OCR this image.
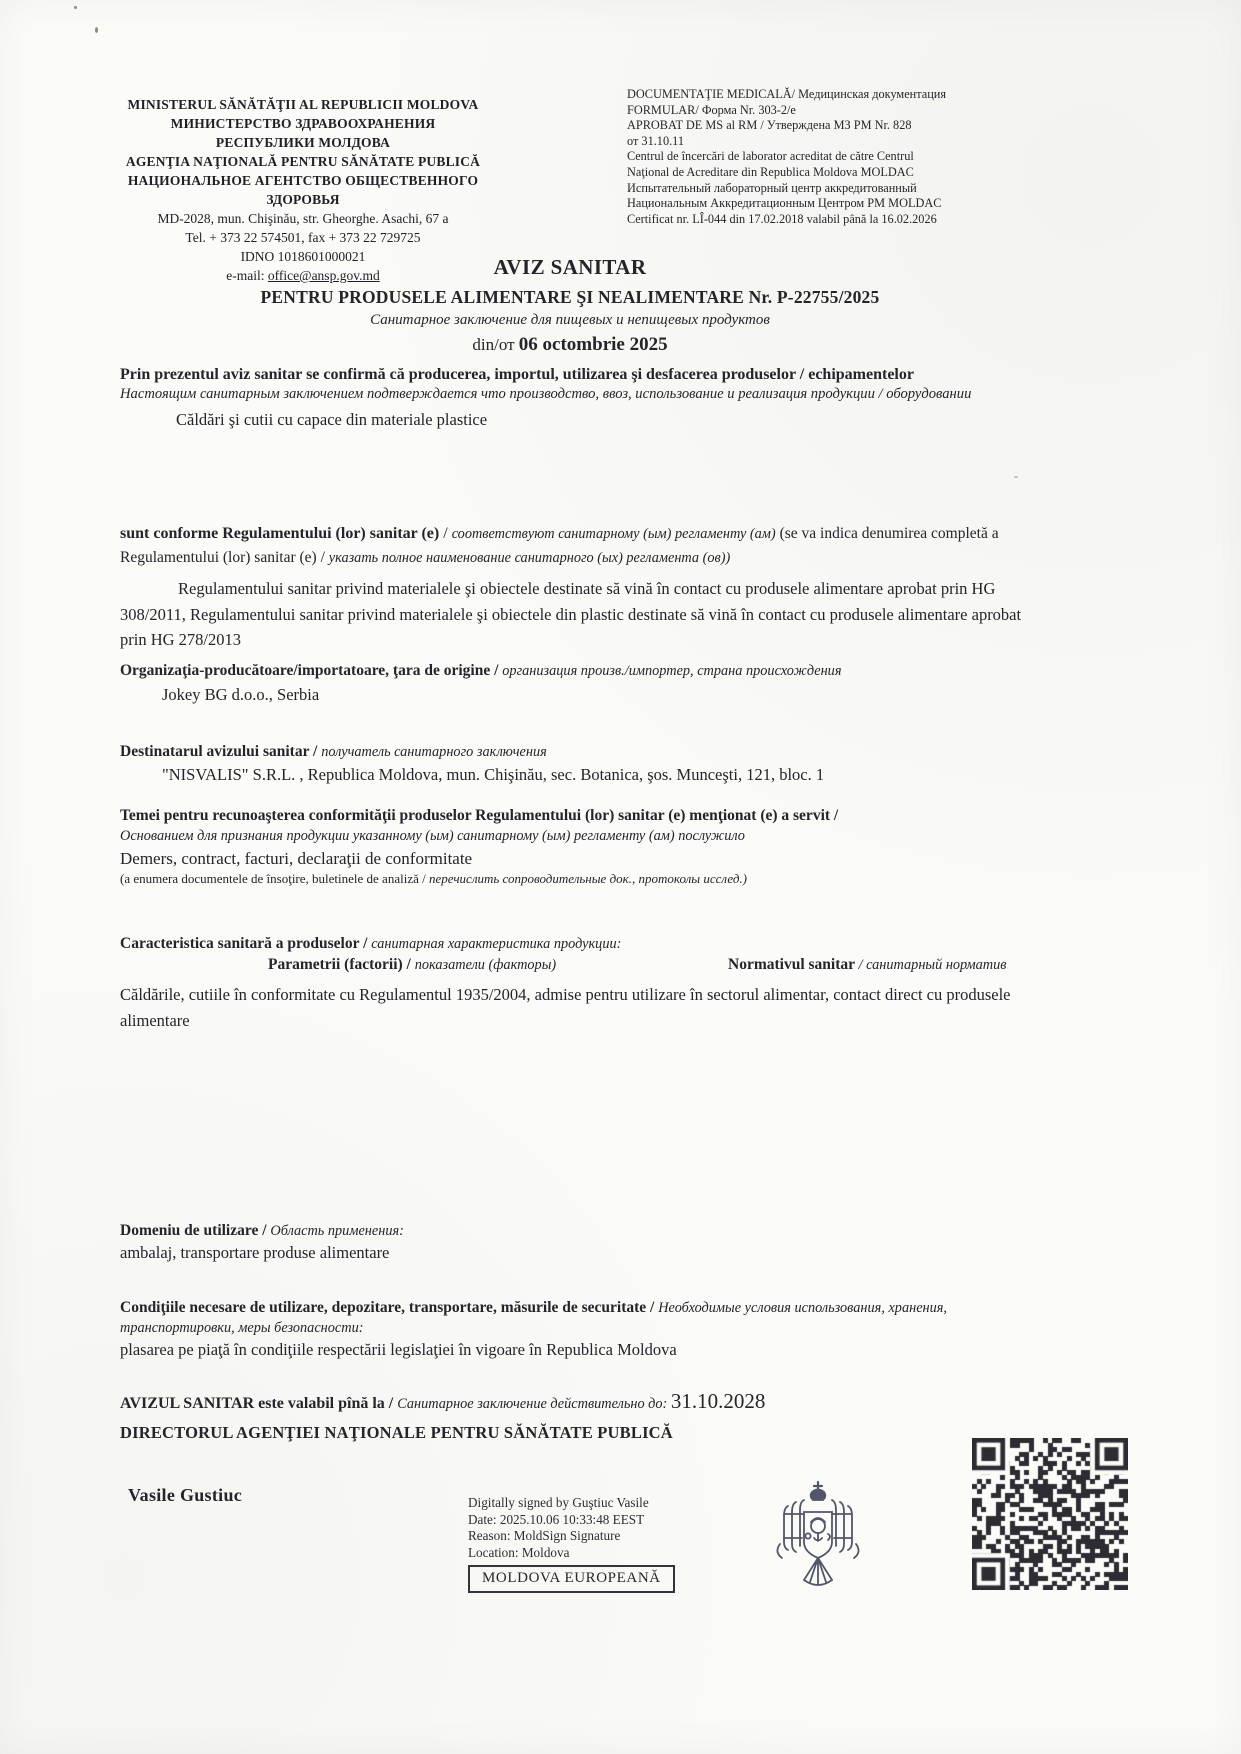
MINISTERUL SĂNĂTĂŢII AL REPUBLICII MOLDOVA
МИНИСТЕРСТВО ЗДРАВООХРАНЕНИЯ
РЕСПУБЛИКИ МОЛДОВА
AGENŢIA NAŢIONALĂ PENTRU SĂNĂTATE PUBLICĂ
НАЦИОНАЛЬНОЕ АГЕНТСТВО ОБЩЕСТВЕННОГО
ЗДОРОВЬЯ
MD-2028, mun. Chişinău, str. Gheorghe. Asachi, 67 a
Tel. + 373 22 574501, fax + 373 22 729725
IDNO 1018601000021
e-mail: office@ansp.gov.md
DOCUMENTAŢIE MEDICALĂ/ Медицинская документация
FORMULAR/ Форма Nr. 303-2/e
APROBAT DE MS al RM / Утверждена МЗ РМ Nr. 828
от 31.10.11
Centrul de încercări de laborator acreditat de către Centrul
Naţional de Acreditare din Republica Moldova MOLDAC
Испытательный лабораторный центр аккредитованный
Национальным Аккредитационным Центром РМ MOLDAC
Certificat nr. LÎ-044 din 17.02.2018 valabil până la 16.02.2026
AVIZ SANITAR
PENTRU PRODUSELE ALIMENTARE ŞI NEALIMENTARE Nr. P-22755/2025
Санитарное заключение для пищевых и непищевых продуктов
din/от 06 octombrie 2025
Prin prezentul aviz sanitar se confirmă că producerea, importul, utilizarea şi desfacerea produselor / echipamentelor
Настоящим санитарным заключением подтверждается что производство, ввоз, использование и реализация продукции / оборудовании
Căldări şi cutii cu capace din materiale plastice
sunt conforme Regulamentului (lor) sanitar (e) / соответствуют санитарному (ым) регламенту (ам) (se va indica denumirea completă a
Regulamentului (lor) sanitar (e) / указать полное наименование санитарного (ых) регламента (ов))
Regulamentului sanitar privind materialele şi obiectele destinate să vină în contact cu produsele alimentare aprobat prin HG 308/2011, Regulamentului sanitar privind materialele şi obiectele din plastic destinate să vină în contact cu produsele alimentare aprobat prin HG 278/2013
Organizaţia-producătoare/importatoare, ţara de origine / организация произв./импортер, страна происхождения
Jokey BG d.o.o., Serbia
Destinatarul avizului sanitar / получатель санитарного заключения
"NISVALIS" S.R.L. , Republica Moldova, mun. Chişinău, sec. Botanica, şos. Munceşti, 121, bloc. 1
Temei pentru recunoaşterea conformităţii produselor Regulamentului (lor) sanitar (e) menţionat (e) a servit /
Основанием для признания продукции указанному (ым) санитарному (ым) регламенту (ам) послужило
Demers, contract, facturi, declaraţii de conformitate
(a enumera documentele de însoţire, buletinele de analiză / перечислить сопроводительные док., протоколы исслед.)
Caracteristica sanitară a produselor / санитарная характеристика продукции:
Parametrii (factorii) / показатели (факторы)	Normativul sanitar / санитарный норматив
Căldările, cutiile în conformitate cu Regulamentul 1935/2004, admise pentru utilizare în sectorul alimentar, contact direct cu produsele alimentare
Domeniu de utilizare / Область применения:
ambalaj, transportare produse alimentare
Condiţiile necesare de utilizare, depozitare, transportare, măsurile de securitate / Необходимые условия использования, хранения,
транспортировки, меры безопасности:
plasarea pe piaţă în condiţiile respectării legislaţiei în vigoare în Republica Moldova
AVIZUL SANITAR este valabil pînă la / Санитарное заключение действительно до: 31.10.2028
DIRECTORUL AGENŢIEI NAŢIONALE PENTRU SĂNĂTATE PUBLICĂ
Vasile Gustiuc	Digitally signed by Guştiuc Vasile
Date: 2025.10.06 10:33:48 EEST
Reason: MoldSign Signature
Location: Moldova
MOLDOVA EUROPEANĂ
